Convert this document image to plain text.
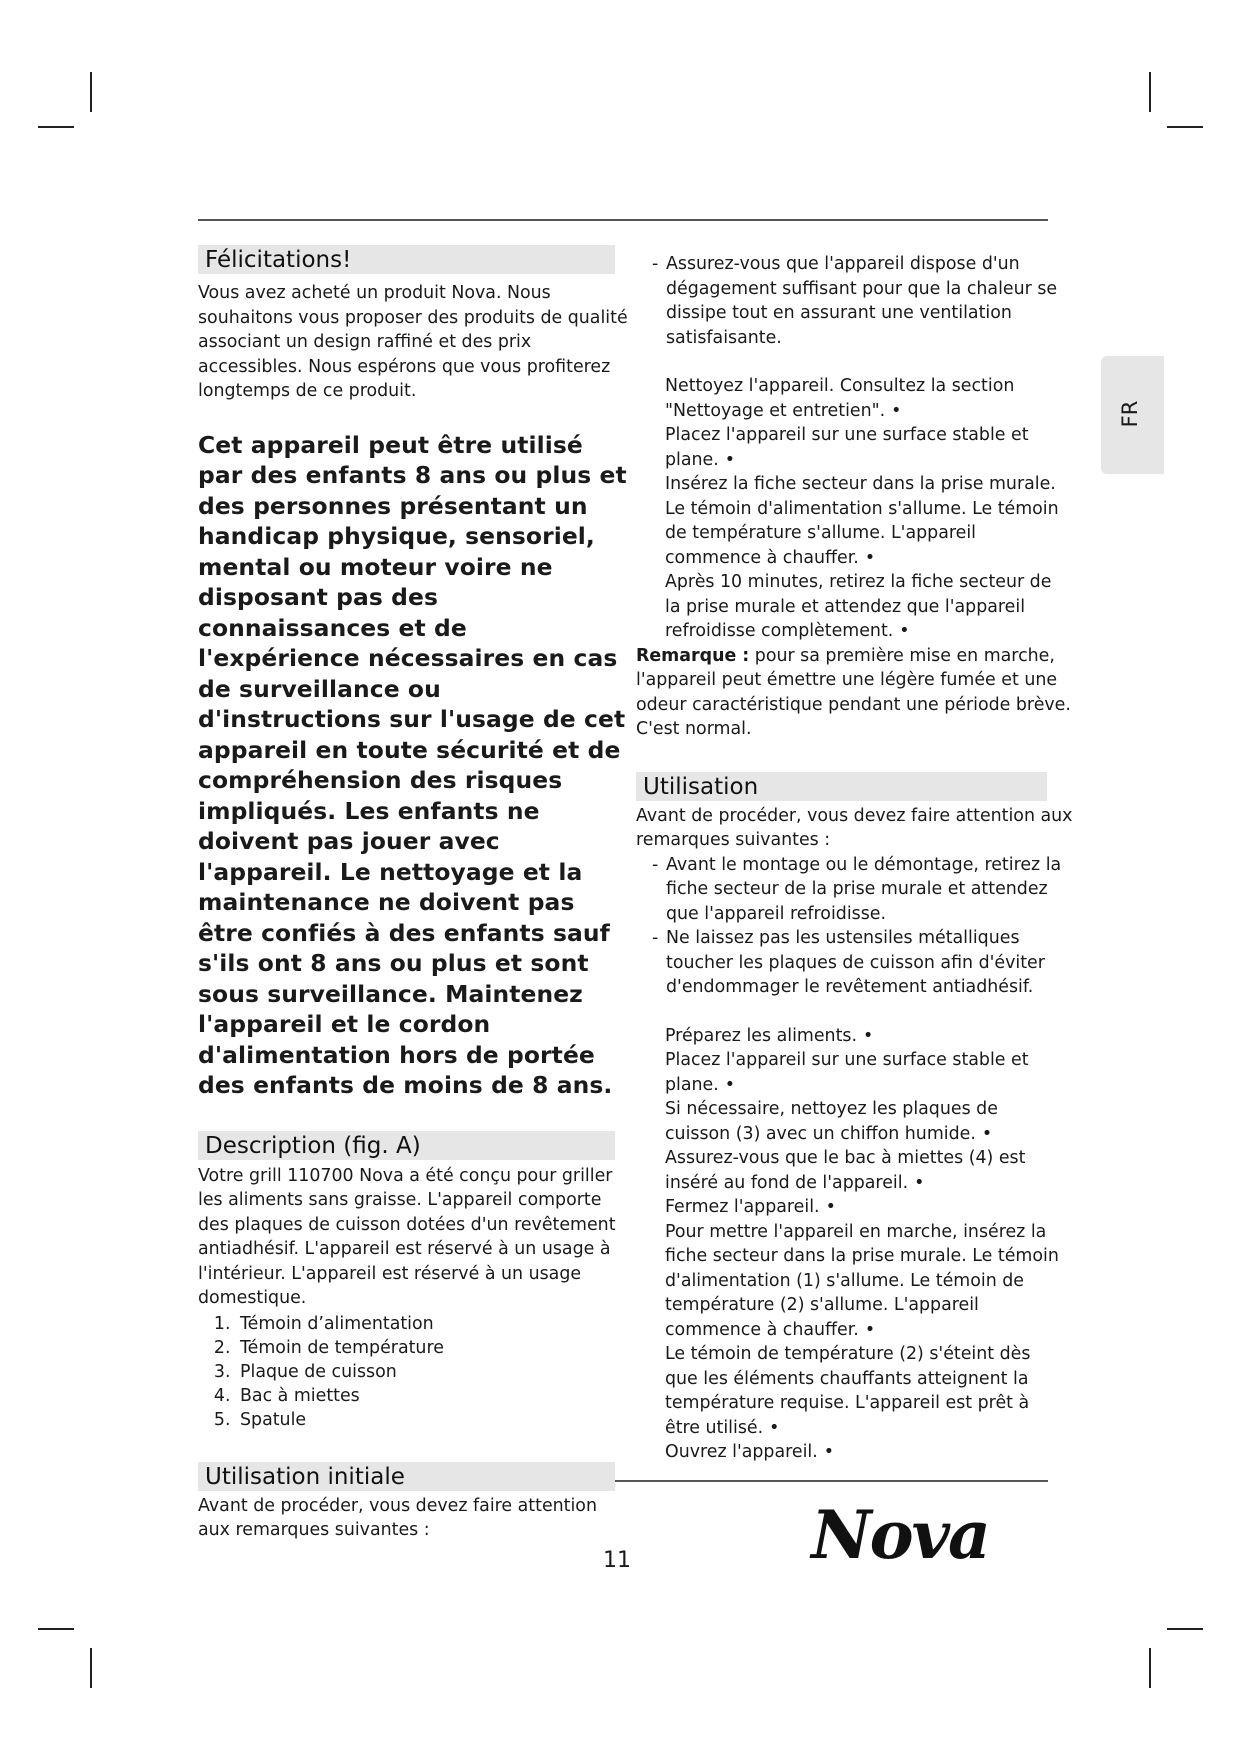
FR
Félicitations!

Vous avez acheté un produit Nova. Nous souhaitons vous proposer des produits de qualité associant un design raffiné et des prix accessibles. Nous espérons que vous profiterez longtemps de ce produit.

Cet appareil peut être utilisé par des enfants 8 ans ou plus et des personnes présentant un handicap physique, sensoriel, mental ou moteur voire ne disposant pas des connaissances et de l'expérience nécessaires en cas de surveillance ou d'instructions sur l'usage de cet appareil en toute sécurité et de compréhension des risques impliqués. Les enfants ne doivent pas jouer avec l'appareil. Le nettoyage et la maintenance ne doivent pas être confiés à des enfants sauf s'ils ont 8 ans ou plus et sont sous surveillance. Maintenez l'appareil et le cordon d'alimentation hors de portée des enfants de moins de 8 ans.

Description (fig. A)

Votre grill 110700 Nova a été conçu pour griller les aliments sans graisse. L'appareil comporte des plaques de cuisson dotées d'un revêtement antiadhésif. L'appareil est réservé à un usage à l'intérieur. L'appareil est réservé à un usage domestique.

1. Témoin d’alimentation
2. Témoin de température
3. Plaque de cuisson
4. Bac à miettes
5. Spatule
Utilisation initiale

Avant de procéder, vous devez faire attention aux remarques suivantes :

- Assurez-vous que l'appareil dispose d'un dégagement suffisant pour que la chaleur se dissipe tout en assurant une ventilation satisfaisante.

Nettoyez l'appareil. Consultez la section "Nettoyage et entretien". •

Placez l'appareil sur une surface stable et plane. •

Insérez la fiche secteur dans la prise murale. Le témoin d'alimentation s'allume. Le témoin de température s'allume. L'appareil commence à chauffer. •

Après 10 minutes, retirez la fiche secteur de la prise murale et attendez que l'appareil refroidisse complètement. •

Remarque : pour sa première mise en marche, l'appareil peut émettre une légère fumée et une odeur caractéristique pendant une période brève. C'est normal.

Utilisation

Avant de procéder, vous devez faire attention aux remarques suivantes :

- Avant le montage ou le démontage, retirez la fiche secteur de la prise murale et attendez que l'appareil refroidisse.

- Ne laissez pas les ustensiles métalliques toucher les plaques de cuisson afin d'éviter d'endommager le revêtement antiadhésif.

Préparez les aliments. •

Placez l'appareil sur une surface stable et plane. •

Si nécessaire, nettoyez les plaques de cuisson (3) avec un chiffon humide. •

Assurez-vous que le bac à miettes (4) est inséré au fond de l'appareil. •

Fermez l'appareil. •

Pour mettre l'appareil en marche, insérez la fiche secteur dans la prise murale. Le témoin d'alimentation (1) s'allume. Le témoin de température (2) s'allume. L'appareil commence à chauffer. •

Le témoin de température (2) s'éteint dès que les éléments chauffants atteignent la température requise. L'appareil est prêt à être utilisé. •

Ouvrez l'appareil. •

11	Nova
